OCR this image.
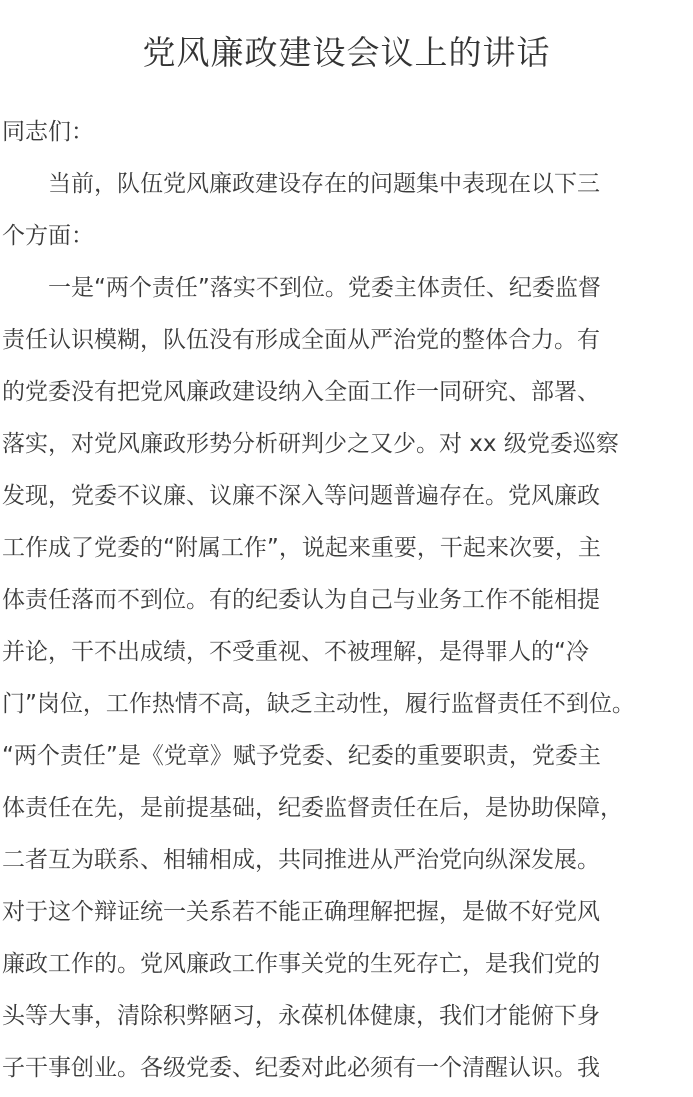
党风廉政建设会议上的讲话
同志们：
　　当前，队伍党风廉政建设存在的问题集中表现在以下三
个方面：
　　一是“两个责任”落实不到位。党委主体责任、纪委监督
责任认识模糊，队伍没有形成全面从严治党的整体合力。有
的党委没有把党风廉政建设纳入全面工作一同研究、部署、
落实，对党风廉政形势分析研判少之又少。对 xx 级党委巡察
发现，党委不议廉、议廉不深入等问题普遍存在。党风廉政
工作成了党委的“附属工作”，说起来重要，干起来次要，主
体责任落而不到位。有的纪委认为自己与业务工作不能相提
并论，干不出成绩，不受重视、不被理解，是得罪人的“冷
门”岗位，工作热情不高，缺乏主动性，履行监督责任不到位。
“两个责任”是《党章》赋予党委、纪委的重要职责，党委主
体责任在先，是前提基础，纪委监督责任在后，是协助保障，
二者互为联系、相辅相成，共同推进从严治党向纵深发展。
对于这个辩证统一关系若不能正确理解把握，是做不好党风
廉政工作的。党风廉政工作事关党的生死存亡，是我们党的
头等大事，清除积弊陋习，永葆机体健康，我们才能俯下身
子干事创业。各级党委、纪委对此必须有一个清醒认识。我
